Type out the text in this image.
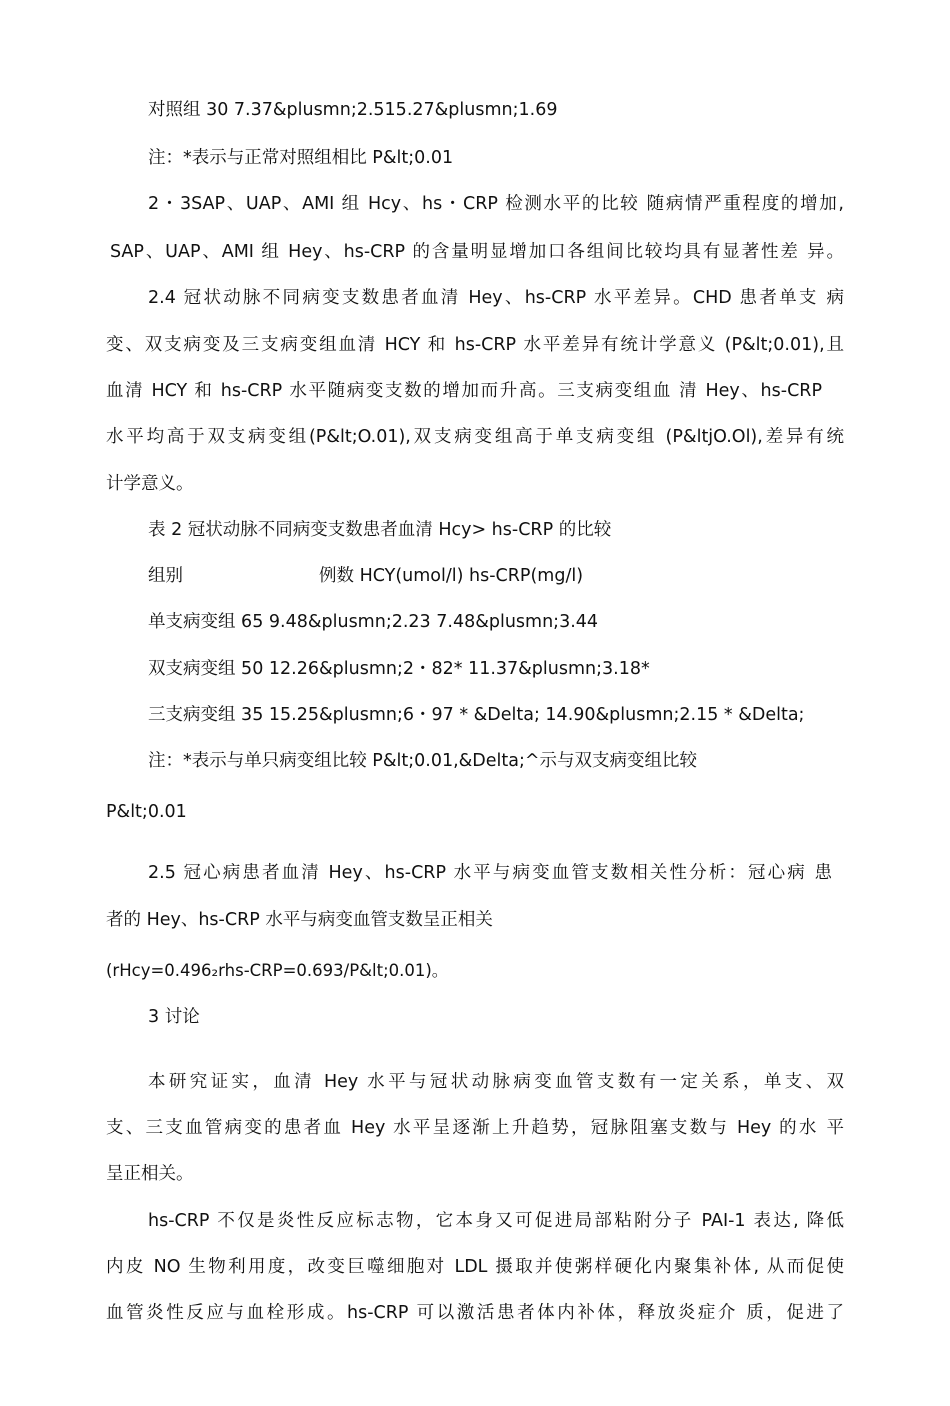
对照组 30 7.37&plusmn;2.515.27&plusmn;1.69
注：*表示与正常对照组相比 P&lt;0.01
2・3SAP、UAP、AMI 组 Hcy、hs・CRP 检测水平的比较 随病情严重程度的增加,
SAP、UAP、AMI 组 Hey、hs-CRP 的含量明显增加口各组间比较均具有显著性差 异。
2.4 冠状动脉不同病变支数患者血清 Hey、hs-CRP 水平差异。CHD 患者单支 病
变、双支病变及三支病变组血清 HCY 和 hs-CRP 水平差异有统计学意义 (P&lt;0.01),且
血清 HCY 和 hs-CRP 水平随病变支数的增加而升高。三支病变组血 清 Hey、hs-CRP
水平均高于双支病变组(P&lt;O.01),双支病变组高于单支病变组 (P&ltjO.Ol),差异有统
计学意义。
表 2 冠状动脉不同病变支数患者血清 Hcy> hs-CRP 的比较
组别	例数 HCY(umol/l) hs-CRP(mg/l)
单支病变组 65 9.48&plusmn;2.23 7.48&plusmn;3.44
双支病变组 50 12.26&plusmn;2・82* 11.37&plusmn;3.18*
三支病变组 35 15.25&plusmn;6・97 * &Delta; 14.90&plusmn;2.15 * &Delta;
注：*表示与单只病变组比较 P&lt;0.01,&Delta;^示与双支病变组比较
P&lt;0.01
2.5 冠心病患者血清 Hey、hs-CRP 水平与病变血管支数相关性分析：冠心病 患
者的 Hey、hs-CRP 水平与病变血管支数呈正相关
(rHcy=0.496₂rhs-CRP=0.693/P&lt;0.01)。
3 讨论
本研究证实，血清 Hey 水平与冠状动脉病变血管支数有一定关系，单支、双
支、三支血管病变的患者血 Hey 水平呈逐渐上升趋势，冠脉阻塞支数与 Hey 的水 平
呈正相关。
hs-CRP 不仅是炎性反应标志物，它本身又可促进局部粘附分子 PAI-1 表达, 降低
内皮 NO 生物利用度，改变巨噬细胞对 LDL 摄取并使粥样硬化内聚集补体, 从而促使
血管炎性反应与血栓形成。hs-CRP 可以激活患者体内补体，释放炎症介 质，促进了
